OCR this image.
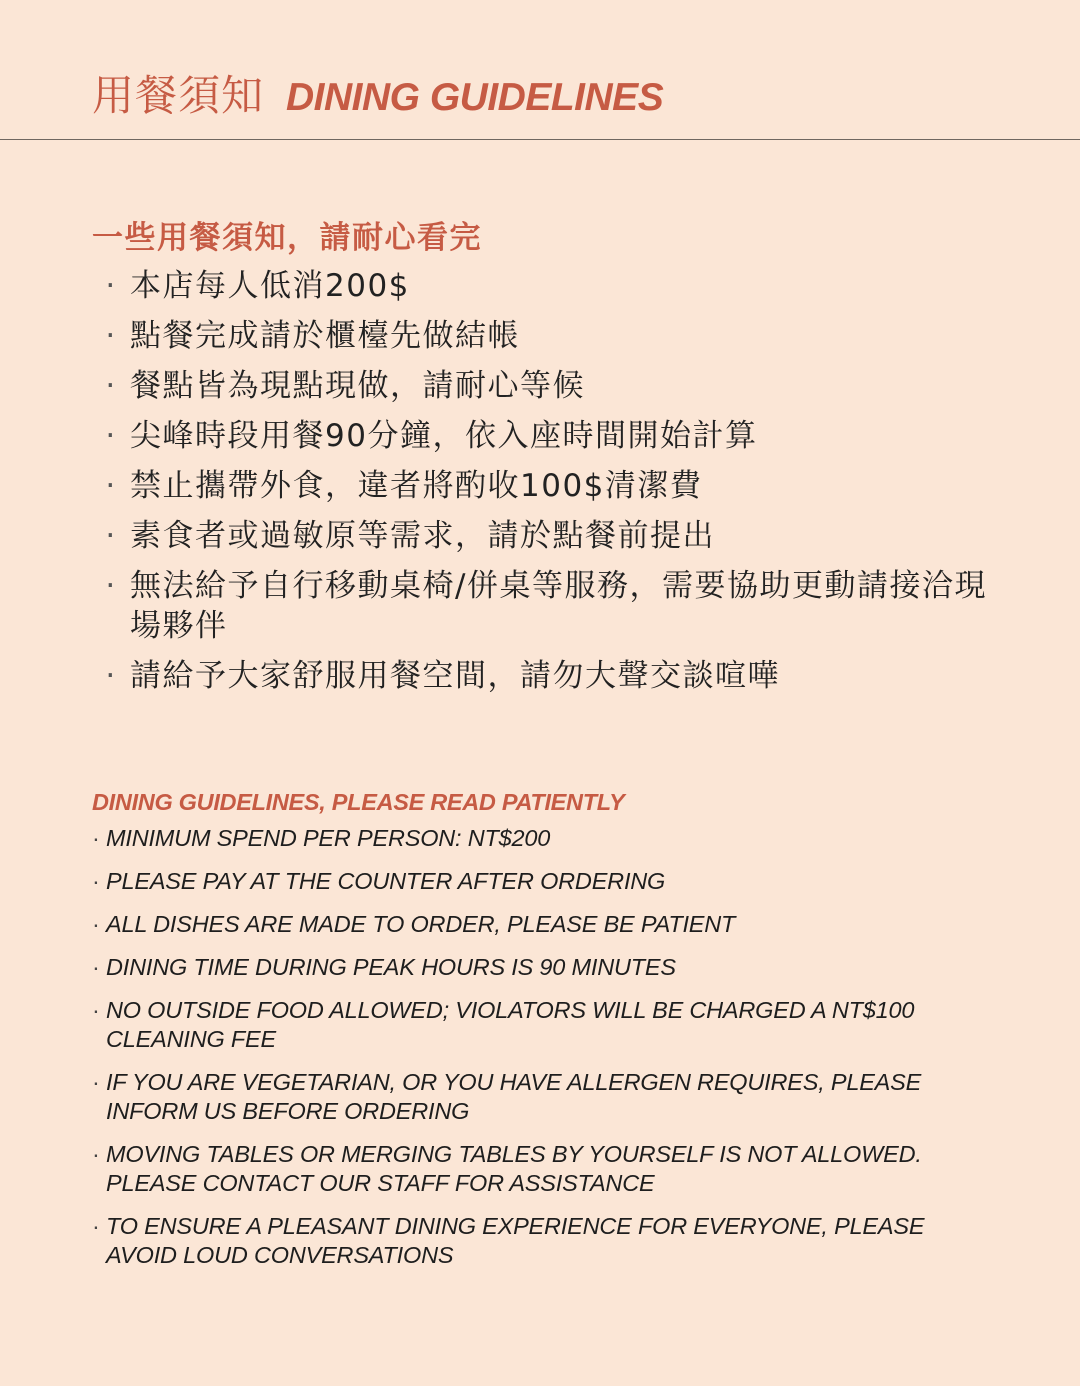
用餐須知 DINING GUIDELINES
一些用餐須知，請耐心看完
· 本店每人低消200$
· 點餐完成請於櫃檯先做結帳
· 餐點皆為現點現做，請耐心等候
· 尖峰時段用餐90分鐘，依入座時間開始計算
· 禁止攜帶外食，違者將酌收100$清潔費
· 素食者或過敏原等需求，請於點餐前提出
· 無法給予自行移動桌椅/併桌等服務，需要協助更動請接洽現場夥伴
· 請給予大家舒服用餐空間，請勿大聲交談喧嘩
DINING GUIDELINES, PLEASE READ PATIENTLY
· MINIMUM SPEND PER PERSON: NT$200
· PLEASE PAY AT THE COUNTER AFTER ORDERING
· ALL DISHES ARE MADE TO ORDER, PLEASE BE PATIENT
· DINING TIME DURING PEAK HOURS IS 90 MINUTES
· NO OUTSIDE FOOD ALLOWED; VIOLATORS WILL BE CHARGED A NT$100 CLEANING FEE
· IF YOU ARE VEGETARIAN, OR YOU HAVE ALLERGEN REQUIRES, PLEASE INFORM US BEFORE ORDERING
· MOVING TABLES OR MERGING TABLES BY YOURSELF IS NOT ALLOWED. PLEASE CONTACT OUR STAFF FOR ASSISTANCE
· TO ENSURE A PLEASANT DINING EXPERIENCE FOR EVERYONE, PLEASE AVOID LOUD CONVERSATIONS
